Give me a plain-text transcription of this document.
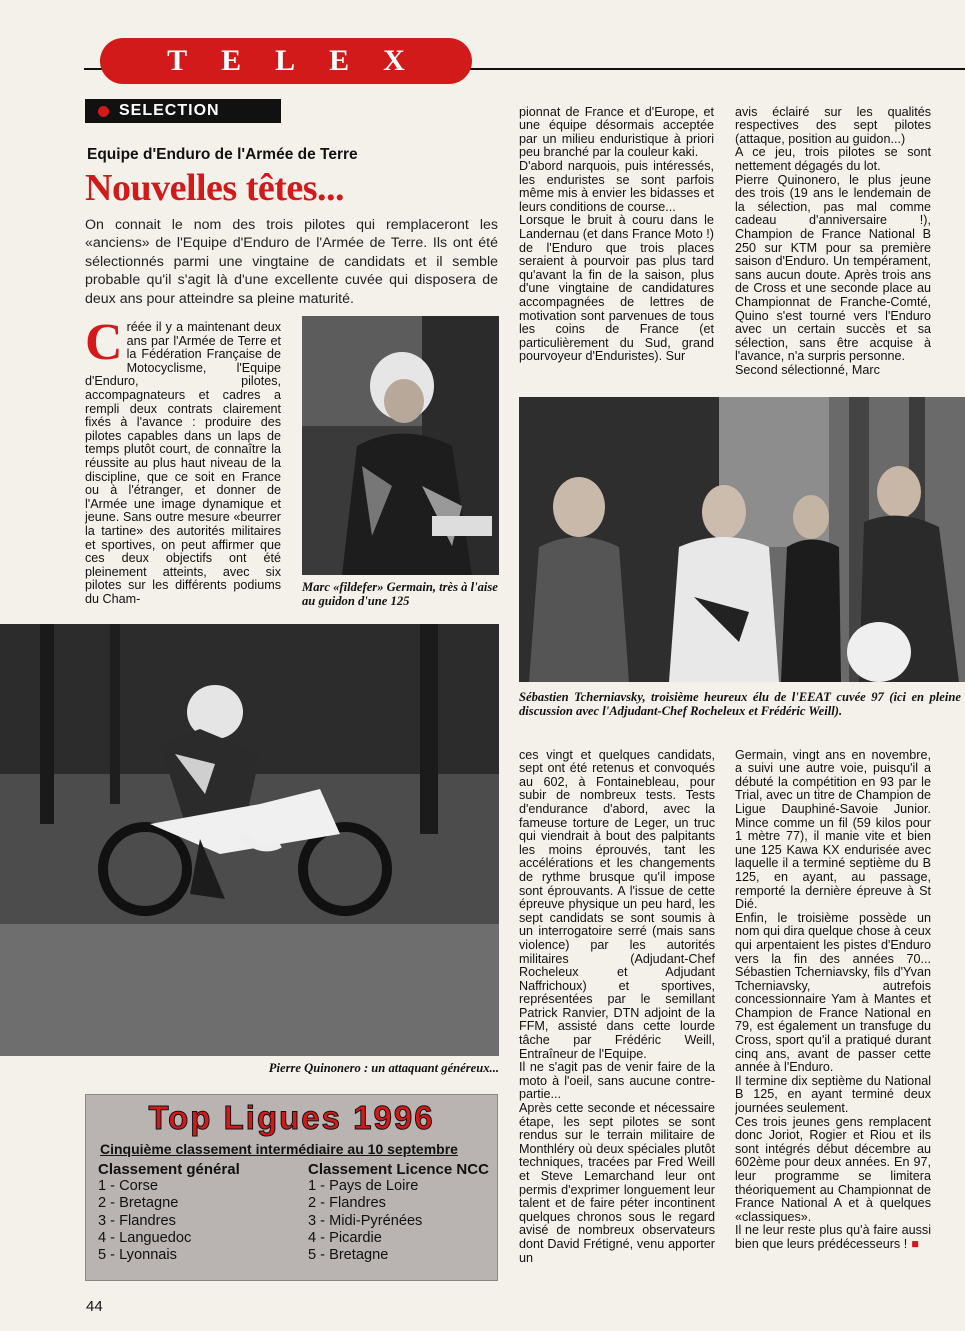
TELEX
SELECTION
Equipe d'Enduro de l'Armée de Terre
Nouvelles têtes...
On connait le nom des trois pilotes qui remplaceront les «anciens» de l'Equipe d'Enduro de l'Armée de Terre. Ils ont été sélectionnés parmi une vingtaine de candidats et il semble probable qu'il s'agit là d'une excellente cuvée qui disposera de deux ans pour atteindre sa pleine maturité.
Créée il y a maintenant deux ans par l'Armée de Terre et la Fédération Française de Motocyclisme, l'Equipe d'Enduro, pilotes, accompagnateurs et cadres a rempli deux contrats clairement fixés à l'avance : produire des pilotes capables dans un laps de temps plutôt court, de connaître la réussite au plus haut niveau de la discipline, que ce soit en France ou à l'étranger, et donner de l'Armée une image dynamique et jeune. Sans outre mesure «beurrer la tartine» des autorités militaires et sportives, on peut affirmer que ces deux objectifs ont été pleinement atteints, avec six pilotes sur les différents podiums du Cham-
Marc «fildefer» Germain, très à l'aise au guidon d'une 125

pionnat de France et d'Europe, et une équipe désormais acceptée par un milieu enduristique à priori peu branché par la couleur kaki.
D'abord narquois, puis intéressés, les enduristes se sont parfois même mis à envier les bidasses et leurs conditions de course...
Lorsque le bruit à couru dans le Landernau (et dans France Moto !) de l'Enduro que trois places seraient à pourvoir pas plus tard qu'avant la fin de la saison, plus d'une vingtaine de candidatures accompagnées de lettres de motivation sont parvenues de tous les coins de France (et particulièrement du Sud, grand pourvoyeur d'Enduristes). Sur

avis éclairé sur les qualités respectives des sept pilotes (attaque, position au guidon...)
A ce jeu, trois pilotes se sont nettement dégagés du lot.
Pierre Quinonero, le plus jeune des trois (19 ans le lendemain de la sélection, pas mal comme cadeau d'anniversaire !), Champion de France National B 250 sur KTM pour sa première saison d'Enduro. Un tempérament, sans aucun doute. Après trois ans de Cross et une seconde place au Championnat de Franche-Comté, Quino s'est tourné vers l'Enduro avec un certain succès et sa sélection, sans être acquise à l'avance, n'a surpris personne.
Second sélectionné, Marc

Sébastien Tcherniavsky, troisième heureux élu de l'EEAT cuvée 97 (ici en pleine discussion avec l'Adjudant-Chef Rocheleux et Frédéric Weill).
Pierre Quinonero : un attaquant généreux...

ces vingt et quelques candidats, sept ont été retenus et convoqués au 602, à Fontainebleau, pour subir de nombreux tests. Tests d'endurance d'abord, avec la fameuse torture de Leger, un truc qui viendrait à bout des palpitants les moins éprouvés, tant les accélérations et les changements de rythme brusque qu'il impose sont éprouvants. A l'issue de cette épreuve physique un peu hard, les sept candidats se sont soumis à un interrogatoire serré (mais sans violence) par les autorités militaires (Adjudant-Chef Rocheleux et Adjudant Naffrichoux) et sportives, représentées par le semillant Patrick Ranvier, DTN adjoint de la FFM, assisté dans cette lourde tâche par Frédéric Weill, Entraîneur de l'Equipe.
Il ne s'agit pas de venir faire de la moto à l'oeil, sans aucune contre-partie...
Après cette seconde et nécessaire étape, les sept pilotes se sont rendus sur le terrain militaire de Monthléry où deux spéciales plutôt techniques, tracées par Fred Weill et Steve Lemarchand leur ont permis d'exprimer longuement leur talent et de faire péter incontinent quelques chronos sous le regard avisé de nombreux observateurs dont David Frétigné, venu apporter un

Germain, vingt ans en novembre, a suivi une autre voie, puisqu'il a débuté la compétition en 93 par le Trial, avec un titre de Champion de Ligue Dauphiné-Savoie Junior. Mince comme un fil (59 kilos pour 1 mètre 77), il manie vite et bien une 125 Kawa KX endurisée avec laquelle il a terminé septième du B 125, en ayant, au passage, remporté la dernière épreuve à St Dié.
Enfin, le troisième possède un nom qui dira quelque chose à ceux qui arpentaient les pistes d'Enduro vers la fin des années 70... Sébastien Tcherniavsky, fils d'Yvan Tcherniavsky, autrefois concessionnaire Yam à Mantes et Champion de France National en 79, est également un transfuge du Cross, sport qu'il a pratiqué durant cinq ans, avant de passer cette année à l'Enduro.
Il termine dix septième du National B 125, en ayant terminé deux journées seulement.
Ces trois jeunes gens remplacent donc Joriot, Rogier et Riou et ils sont intégrés début décembre au 602ème pour deux années. En 97, leur programme se limitera théoriquement au Championnat de France National A et à quelques «classiques».
Il ne leur reste plus qu'à faire aussi bien que leurs prédécesseurs ! ■

Top Ligues 1996
Cinquième classement intermédiaire au 10 septembre
Classement général
1 - Corse
2 - Bretagne
3 - Flandres
4 - Languedoc
5 - Lyonnais
Classement Licence NCC
1 - Pays de Loire
2 - Flandres
3 - Midi-Pyrénées
4 - Picardie
5 - Bretagne
44
